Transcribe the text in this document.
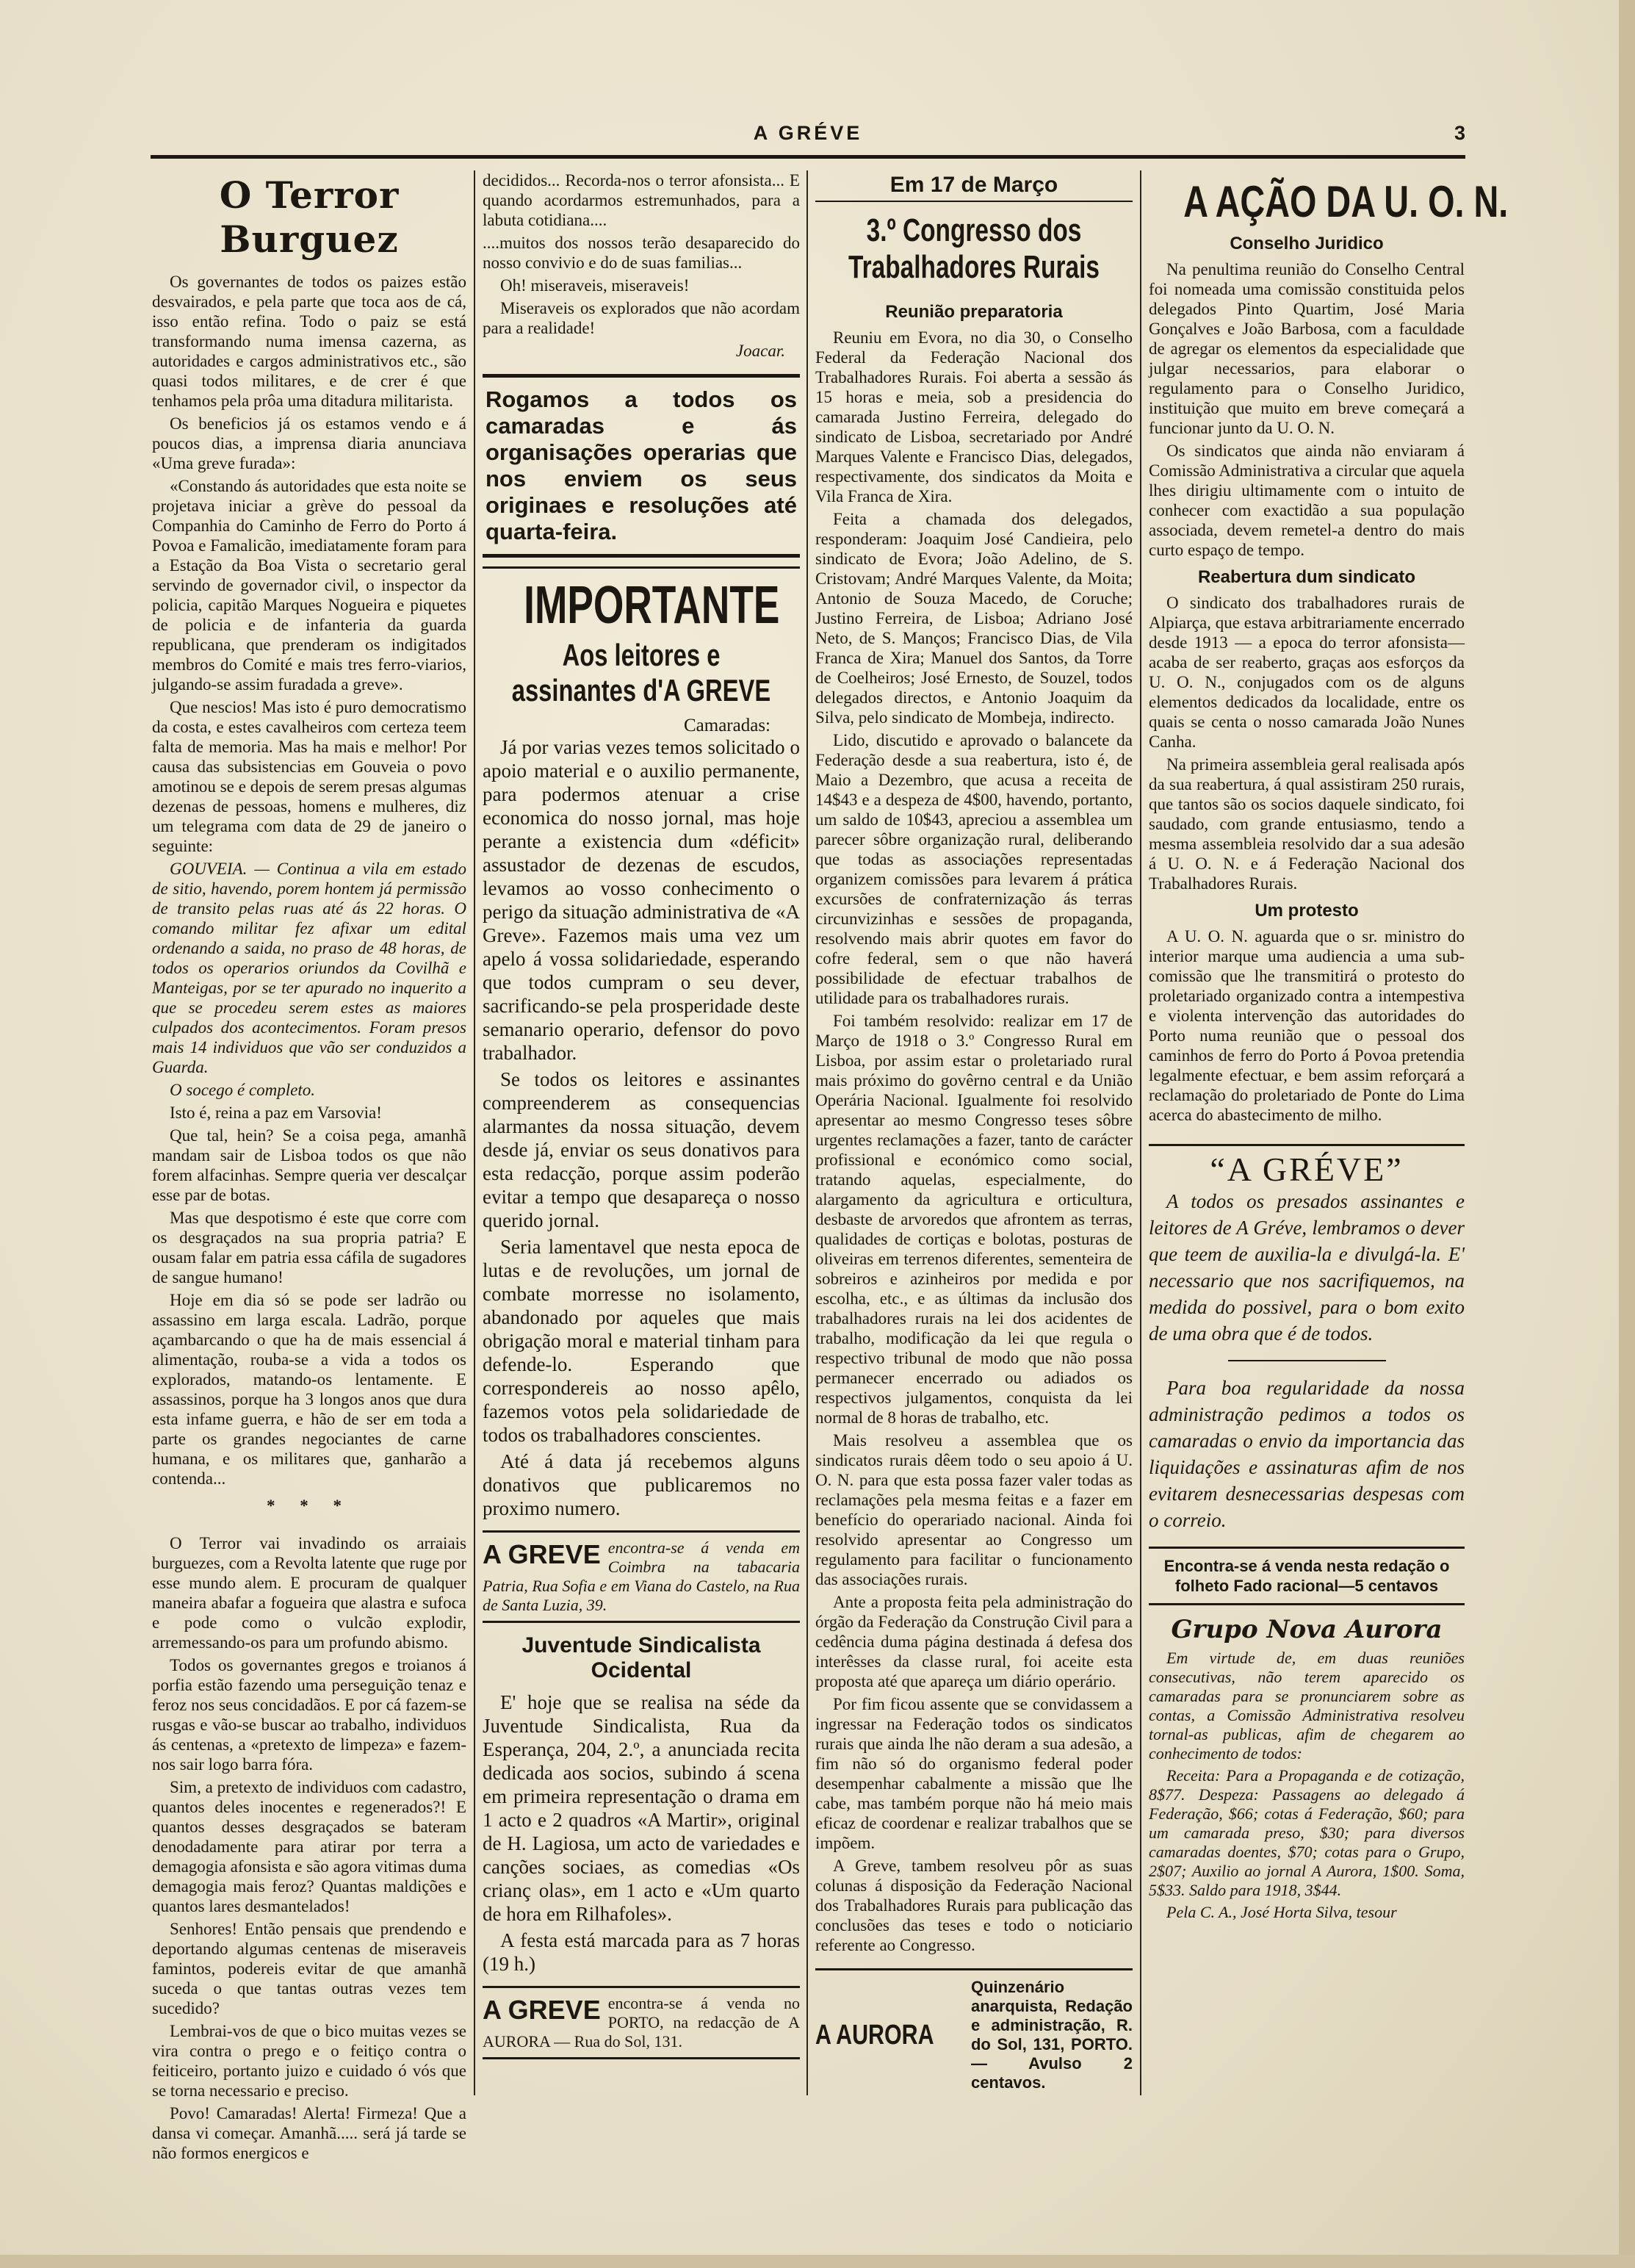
A GRÉVE	3
O Terror Burguez

Os governantes de todos os paizes estão desvairados, e pela parte que toca aos de cá, isso então refina. Todo o paiz se está transformando numa imensa cazerna, as autoridades e cargos administrativos etc., são quasi todos militares, e de crer é que tenhamos pela prôa uma ditadura militarista.

Os beneficios já os estamos vendo e á poucos dias, a imprensa diaria anunciava «Uma greve furada»:

«Constando ás autoridades que esta noite se projetava iniciar a grève do pessoal da Companhia do Caminho de Ferro do Porto á Povoa e Famalicão, imediatamente foram para a Estação da Boa Vista o secretario geral servindo de governador civil, o inspector da policia, capitão Marques Nogueira e piquetes de policia e de infanteria da guarda republicana, que prenderam os indigitados membros do Comité e mais tres ferro-viarios, julgando-se assim furadada a greve».

Que nescios! Mas isto é puro democratismo da costa, e estes cavalheiros com certeza teem falta de memoria. Mas ha mais e melhor! Por causa das subsistencias em Gouveia o povo amotinou se e depois de serem presas algumas dezenas de pessoas, homens e mulheres, diz um telegrama com data de 29 de janeiro o seguinte:

GOUVEIA. — Continua a vila em estado de sitio, havendo, porem hontem já permissão de transito pelas ruas até ás 22 horas. O comando militar fez afixar um edital ordenando a saida, no praso de 48 horas, de todos os operarios oriundos da Covilhã e Manteigas, por se ter apurado no inquerito a que se procedeu serem estes as maiores culpados dos acontecimentos. Foram presos mais 14 individuos que vão ser conduzidos a Guarda.

O socego é completo.

Isto é, reina a paz em Varsovia!

Que tal, hein? Se a coisa pega, amanhã mandam sair de Lisboa todos os que não forem alfacinhas. Sempre queria ver descalçar esse par de botas.

Mas que despotismo é este que corre com os desgraçados na sua propria patria? E ousam falar em patria essa cáfila de sugadores de sangue humano!

Hoje em dia só se pode ser ladrão ou assassino em larga escala. Ladrão, porque açambarcando o que ha de mais essencial á alimentação, rouba-se a vida a todos os explorados, matando-os lentamente. E assassinos, porque ha 3 longos anos que dura esta infame guerra, e hão de ser em toda a parte os grandes negociantes de carne humana, e os militares que, ganharão a contenda...

* * *

O Terror vai invadindo os arraiais burguezes, com a Revolta latente que ruge por esse mundo alem. E procuram de qualquer maneira abafar a fogueira que alastra e sufoca e pode como o vulcão explodir, arremessando-os para um profundo abismo.

Todos os governantes gregos e troianos á porfia estão fazendo uma perseguição tenaz e feroz nos seus concidadãos. E por cá fazem-se rusgas e vão-se buscar ao trabalho, individuos ás centenas, a «pretexto de limpeza» e fazem-nos sair logo barra fóra.

Sim, a pretexto de individuos com cadastro, quantos deles inocentes e regenerados?! E quantos desses desgraçados se bateram denodadamente para atirar por terra a demagogia afonsista e são agora vitimas duma demagogia mais feroz? Quantas maldições e quantos lares desmantelados!

Senhores! Então pensais que prendendo e deportando algumas centenas de miseraveis famintos, podereis evitar de que amanhã suceda o que tantas outras vezes tem sucedido?

Lembrai-vos de que o bico muitas vezes se vira contra o prego e o feitiço contra o feiticeiro, portanto juizo e cuidado ó vós que se torna necessario e preciso.

Povo! Camaradas! Alerta! Firmeza! Que a dansa vi começar. Amanhã..... será já tarde se não formos energicos e

decididos... Recorda-nos o terror afonsista... E quando acordarmos estremunhados, para a labuta cotidiana....

....muitos dos nossos terão desaparecido do nosso convivio e do de suas familias...

Oh! miseraveis, miseraveis!

Miseraveis os explorados que não acordam para a realidade!

Joacar.
Rogamos a todos os camaradas e ás organisações operarias que nos enviem os seus originaes e resoluções até quarta-feira.
IMPORTANTE
Aos leitores e assinantes d'A GREVE
Camaradas:

Já por varias vezes temos solicitado o apoio material e o auxilio permanente, para podermos atenuar a crise economica do nosso jornal, mas hoje perante a existencia dum «déficit» assustador de dezenas de escudos, levamos ao vosso conhecimento o perigo da situação administrativa de «A Greve». Fazemos mais uma vez um apelo á vossa solidariedade, esperando que todos cumpram o seu dever, sacrificando-se pela prosperidade deste semanario operario, defensor do povo trabalhador.

Se todos os leitores e assinantes compreenderem as consequencias alarmantes da nossa situação, devem desde já, enviar os seus donativos para esta redacção, porque assim poderão evitar a tempo que desapareça o nosso querido jornal.

Seria lamentavel que nesta epoca de lutas e de revoluções, um jornal de combate morresse no isolamento, abandonado por aqueles que mais obrigação moral e material tinham para defende-lo. Esperando que correspondereis ao nosso apêlo, fazemos votos pela solidariedade de todos os trabalhadores conscientes.

Até á data já recebemos alguns donativos que publicaremos no proximo numero.

A GREVE encontra-se á venda em Coimbra na tabacaria Patria, Rua Sofia e em Viana do Castelo, na Rua de Santa Luzia, 39.
Juventude Sindicalista Ocidental

E' hoje que se realisa na séde da Juventude Sindicalista, Rua da Esperança, 204, 2.º, a anunciada recita dedicada aos socios, subindo á scena em primeira representação o drama em 1 acto e 2 quadros «A Martir», original de H. Lagiosa, um acto de variedades e canções sociaes, as comedias «Os crianç olas», em 1 acto e «Um quarto de hora em Rilhafoles».

A festa está marcada para as 7 horas (19 h.)

A GREVE encontra-se á venda no PORTO, na redacção de A AURORA — Rua do Sol, 131.
Em 17 de Março
3.º Congresso dos Trabalhadores Rurais
Reunião preparatoria

Reuniu em Evora, no dia 30, o Conselho Federal da Federação Nacional dos Trabalhadores Rurais. Foi aberta a sessão ás 15 horas e meia, sob a presidencia do camarada Justino Ferreira, delegado do sindicato de Lisboa, secretariado por André Marques Valente e Francisco Dias, delegados, respectivamente, dos sindicatos da Moita e Vila Franca de Xira.

Feita a chamada dos delegados, responderam: Joaquim José Candieira, pelo sindicato de Evora; João Adelino, de S. Cristovam; André Marques Valente, da Moita; Antonio de Souza Macedo, de Coruche; Justino Ferreira, de Lisboa; Adriano José Neto, de S. Manços; Francisco Dias, de Vila Franca de Xira; Manuel dos Santos, da Torre de Coelheiros; José Ernesto, de Souzel, todos delegados directos, e Antonio Joaquim da Silva, pelo sindicato de Mombeja, indirecto.

Lido, discutido e aprovado o balancete da Federação desde a sua reabertura, isto é, de Maio a Dezembro, que acusa a receita de 14$43 e a despeza de 4$00, havendo, portanto, um saldo de 10$43, apreciou a assemblea um parecer sôbre organização rural, deliberando que todas as associações representadas organizem comissões para levarem á prática excursões de confraternização ás terras circunvizinhas e sessões de propaganda, resolvendo mais abrir quotes em favor do cofre federal, sem o que não haverá possibilidade de efectuar trabalhos de utilidade para os trabalhadores rurais.

Foi também resolvido: realizar em 17 de Março de 1918 o 3.º Congresso Rural em Lisboa, por assim estar o proletariado rural mais próximo do govêrno central e da União Operária Nacional. Igualmente foi resolvido apresentar ao mesmo Congresso teses sôbre urgentes reclamações a fazer, tanto de carácter profissional e económico como social, tratando aquelas, especialmente, do alargamento da agricultura e orticultura, desbaste de arvoredos que afrontem as terras, qualidades de cortiças e bolotas, posturas de oliveiras em terrenos diferentes, sementeira de sobreiros e azinheiros por medida e por escolha, etc., e as últimas da inclusão dos trabalhadores rurais na lei dos acidentes de trabalho, modificação da lei que regula o respectivo tribunal de modo que não possa permanecer encerrado ou adiados os respectivos julgamentos, conquista da lei normal de 8 horas de trabalho, etc.

Mais resolveu a assemblea que os sindicatos rurais dêem todo o seu apoio á U. O. N. para que esta possa fazer valer todas as reclamações pela mesma feitas e a fazer em benefício do operariado nacional. Ainda foi resolvido apresentar ao Congresso um regulamento para facilitar o funcionamento das associações rurais.

Ante a proposta feita pela administração do órgão da Federação da Construção Civil para a cedência duma página destinada á defesa dos interêsses da classe rural, foi aceite esta proposta até que apareça um diário operário.

Por fim ficou assente que se convidassem a ingressar na Federação todos os sindicatos rurais que ainda lhe não deram a sua adesão, a fim não só do organismo federal poder desempenhar cabalmente a missão que lhe cabe, mas também porque não há meio mais eficaz de coordenar e realizar trabalhos que se impõem.

A Greve, tambem resolveu pôr as suas colunas á disposição da Federação Nacional dos Trabalhadores Rurais para publicação das conclusões das teses e todo o noticiario referente ao Congresso.

A AURORA
Quinzenário anarquista, Redação e administração, R. do Sol, 131, PORTO. — Avulso 2 centavos.
A AÇÃO DA U. O. N.
Conselho Juridico

Na penultima reunião do Conselho Central foi nomeada uma comissão constituida pelos delegados Pinto Quartim, José Maria Gonçalves e João Barbosa, com a faculdade de agregar os elementos da especialidade que julgar necessarios, para elaborar o regulamento para o Conselho Juridico, instituição que muito em breve começará a funcionar junto da U. O. N.

Os sindicatos que ainda não enviaram á Comissão Administrativa a circular que aquela lhes dirigiu ultimamente com o intuito de conhecer com exactidão a sua população associada, devem remetel-a dentro do mais curto espaço de tempo.

Reabertura dum sindicato

O sindicato dos trabalhadores rurais de Alpiarça, que estava arbitrariamente encerrado desde 1913 — a epoca do terror afonsista—acaba de ser reaberto, graças aos esforços da U. O. N., conjugados com os de alguns elementos dedicados da localidade, entre os quais se centa o nosso camarada João Nunes Canha.

Na primeira assembleia geral realisada após da sua reabertura, á qual assistiram 250 rurais, que tantos são os socios daquele sindicato, foi saudado, com grande entusiasmo, tendo a mesma assembleia resolvido dar a sua adesão á U. O. N. e á Federação Nacional dos Trabalhadores Rurais.

Um protesto

A U. O. N. aguarda que o sr. ministro do interior marque uma audiencia a uma sub-comissão que lhe transmitirá o protesto do proletariado organizado contra a intempestiva e violenta intervenção das autoridades do Porto numa reunião que o pessoal dos caminhos de ferro do Porto á Povoa pretendia legalmente efectuar, e bem assim reforçará a reclamação do proletariado de Ponte do Lima acerca do abastecimento de milho.

“A GRÉVE”

A todos os presados assinantes e leitores de A Gréve, lembramos o dever que teem de auxilia-la e divulgá-la. E' necessario que nos sacrifiquemos, na medida do possivel, para o bom exito de uma obra que é de todos.

Para boa regularidade da nossa administração pedimos a todos os camaradas o envio da importancia das liquidações e assinaturas afim de nos evitarem desnecessarias despesas com o correio.

Encontra-se á venda nesta redação o folheto Fado racional—5 centavos

Grupo Nova Aurora

Em virtude de, em duas reuniões consecutivas, não terem aparecido os camaradas para se pronunciarem sobre as contas, a Comissão Administrativa resolveu tornal-as publicas, afim de chegarem ao conhecimento de todos:

Receita: Para a Propaganda e de cotização, 8$77. Despeza: Passagens ao delegado á Federação, $66; cotas á Federação, $60; para um camarada preso, $30; para diversos camaradas doentes, $70; cotas para o Grupo, 2$07; Auxilio ao jornal A Aurora, 1$00. Soma, 5$33. Saldo para 1918, 3$44.

Pela C. A., José Horta Silva, tesour
